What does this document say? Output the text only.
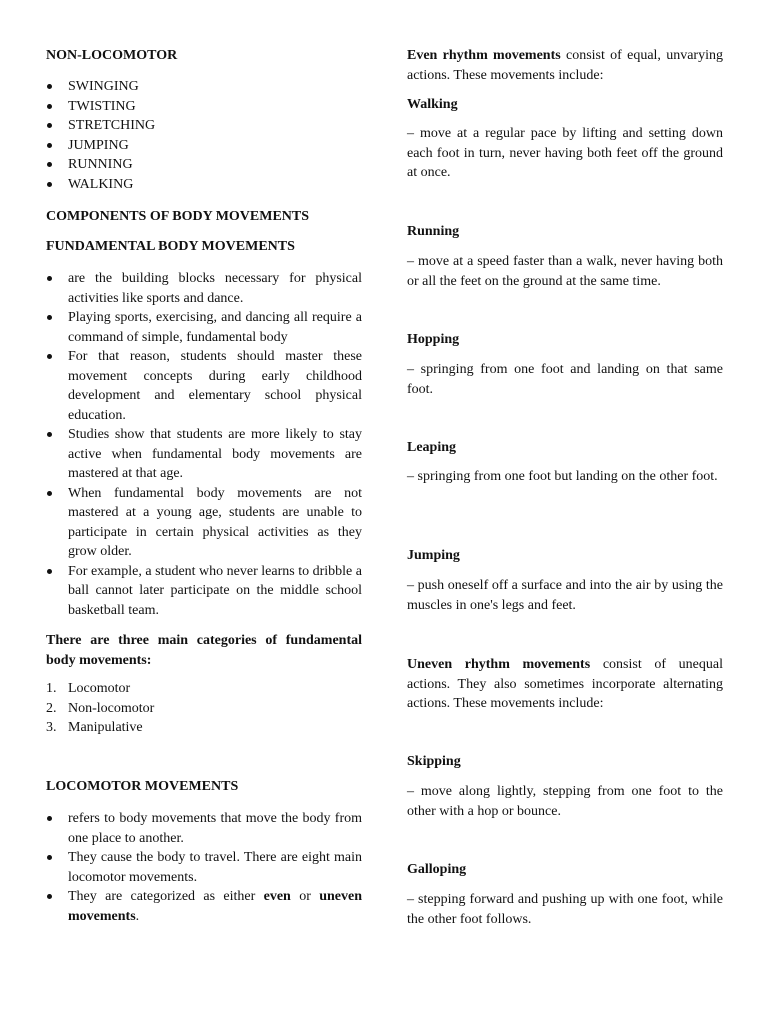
NON-LOCOMOTOR

SWINGING
TWISTING
STRETCHING
JUMPING
RUNNING
WALKING

COMPONENTS OF BODY MOVEMENTS

FUNDAMENTAL BODY MOVEMENTS

are the building blocks necessary for physical activities like sports and dance.
Playing sports, exercising, and dancing all require a command of simple, fundamental body
For that reason, students should master these movement concepts during early childhood development and elementary school physical education.
Studies show that students are more likely to stay active when fundamental body movements are mastered at that age.
When fundamental body movements are not mastered at a young age, students are unable to participate in certain physical activities as they grow older.
For example, a student who never learns to dribble a ball cannot later participate on the middle school basketball team.

There are three main categories of fundamental body movements:

1. Locomotor
2. Non-locomotor
3. Manipulative

LOCOMOTOR MOVEMENTS

refers to body movements that move the body from one place to another.
They cause the body to travel. There are eight main locomotor movements.
They are categorized as either even or uneven movements.

Even rhythm movements consist of equal, unvarying actions. These movements include:

Walking

– move at a regular pace by lifting and setting down each foot in turn, never having both feet off the ground at once.

Running

– move at a speed faster than a walk, never having both or all the feet on the ground at the same time.

Hopping

– springing from one foot and landing on that same foot.

Leaping

– springing from one foot but landing on the other foot.

Jumping

– push oneself off a surface and into the air by using the muscles in one's legs and feet.

Uneven rhythm movements consist of unequal actions. They also sometimes incorporate alternating actions. These movements include:

Skipping

– move along lightly, stepping from one foot to the other with a hop or bounce.

Galloping

– stepping forward and pushing up with one foot, while the other foot follows.
